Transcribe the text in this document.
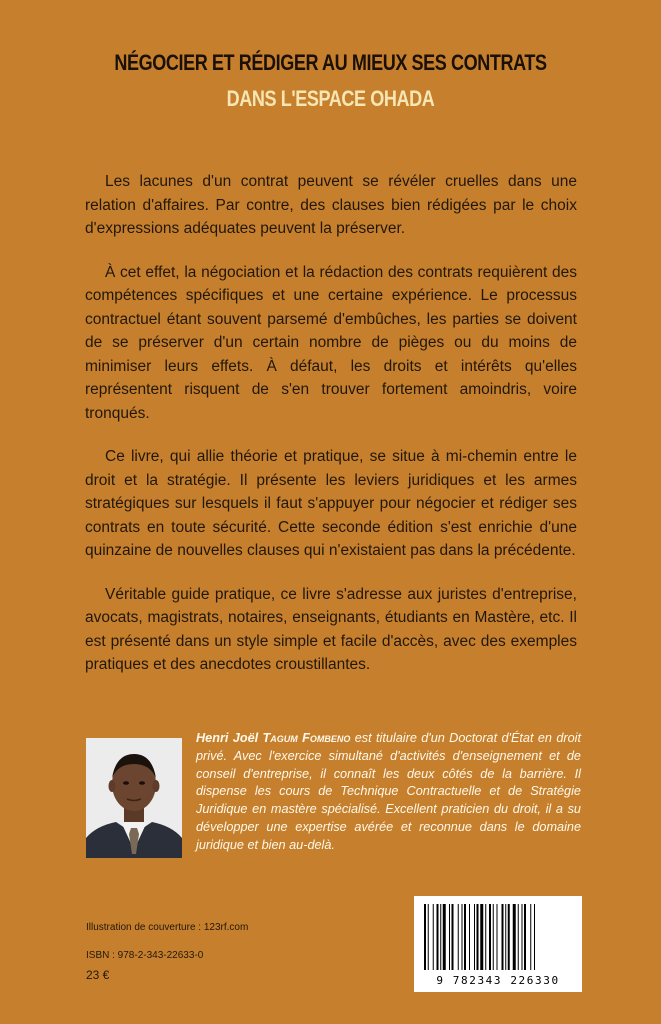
NÉGOCIER ET RÉDIGER AU MIEUX SES CONTRATS
DANS L'ESPACE OHADA

Les lacunes d'un contrat peuvent se révéler cruelles dans une relation d'affaires. Par contre, des clauses bien rédigées par le choix d'expressions adéquates peuvent la préserver.

À cet effet, la négociation et la rédaction des contrats requièrent des compétences spécifiques et une certaine expérience. Le processus contractuel étant souvent parsemé d'embûches, les parties se doivent de se préserver d'un certain nombre de pièges ou du moins de minimiser leurs effets. À défaut, les droits et intérêts qu'elles représentent risquent de s'en trouver fortement amoindris, voire tronqués.

Ce livre, qui allie théorie et pratique, se situe à mi-chemin entre le droit et la stratégie. Il présente les leviers juridiques et les armes stratégiques sur lesquels il faut s'appuyer pour négocier et rédiger ses contrats en toute sécurité. Cette seconde édition s'est enrichie d'une quinzaine de nouvelles clauses qui n'existaient pas dans la précédente.

Véritable guide pratique, ce livre s'adresse aux juristes d'entreprise, avocats, magistrats, notaires, enseignants, étudiants en Mastère, etc. Il est présenté dans un style simple et facile d'accès, avec des exemples pratiques et des anecdotes croustillantes.

Henri Joël Tagum Fombeno est titulaire d'un Doctorat d'État en droit privé. Avec l'exercice simultané d'activités d'enseignement et de conseil d'entreprise, il connaît les deux côtés de la barrière. Il dispense les cours de Technique Contractuelle et de Stratégie Juridique en mastère spécialisé. Excellent praticien du droit, il a su développer une expertise avérée et reconnue dans le domaine juridique et bien au-delà.
Illustration de couverture : 123rf.com
ISBN : 978-2-343-22633-0
23 €	9 782343 226330
